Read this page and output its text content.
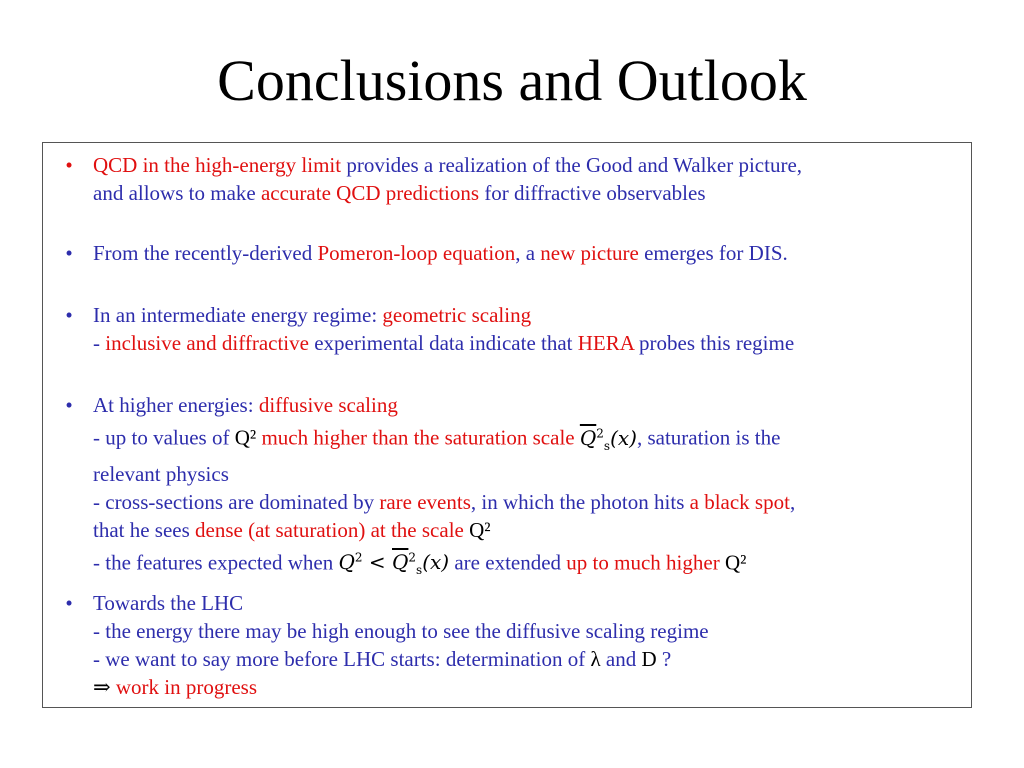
Conclusions and Outlook
• QCD in the high-energy limit provides a realization of the Good and Walker picture,
and allows to make accurate QCD predictions for diffractive observables
• From the recently-derived Pomeron-loop equation, a new picture emerges for DIS.
• In an intermediate energy regime: geometric scaling
- inclusive and diffractive experimental data indicate that HERA probes this regime
• At higher energies: diffusive scaling
- up to values of Q² much higher than the saturation scale $\overline{Q}^2_s(x)$, saturation is the
relevant physics
- cross-sections are dominated by rare events, in which the photon hits a black spot,
that he sees dense (at saturation) at the scale Q²
- the features expected when $Q^2 < \overline{Q}^2_s(x)$ are extended up to much higher Q²
• Towards the LHC
- the energy there may be high enough to see the diffusive scaling regime
- we want to say more before LHC starts: determination of λ and D ?
⇒ work in progress
